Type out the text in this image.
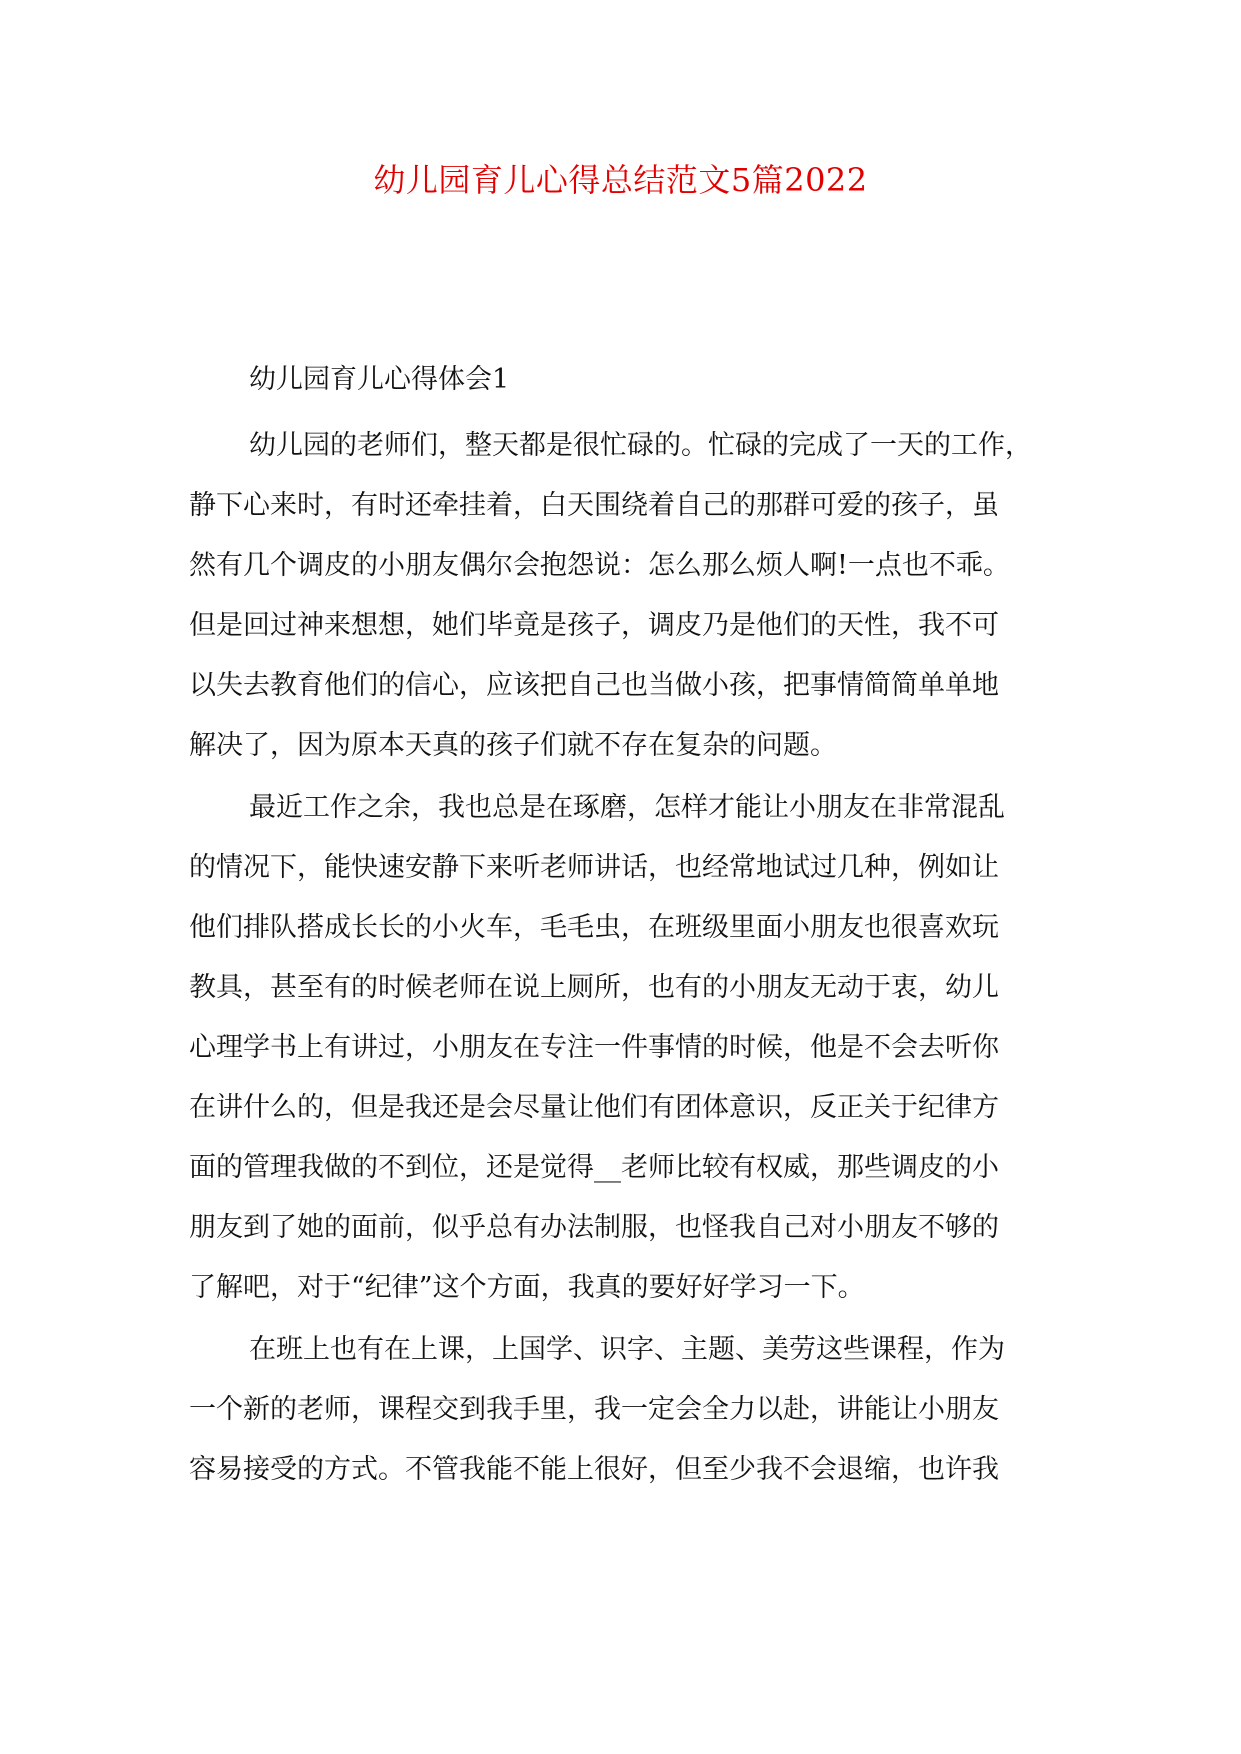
幼儿园育儿心得总结范文5篇2022
幼儿园育儿心得体会1
幼儿园的老师们，整天都是很忙碌的。忙碌的完成了一天的工作，
静下心来时，有时还牵挂着，白天围绕着自己的那群可爱的孩子，虽
然有几个调皮的小朋友偶尔会抱怨说：怎么那么烦人啊!一点也不乖。
但是回过神来想想，她们毕竟是孩子，调皮乃是他们的天性，我不可
以失去教育他们的信心，应该把自己也当做小孩，把事情简简单单地
解决了，因为原本天真的孩子们就不存在复杂的问题。
最近工作之余，我也总是在琢磨，怎样才能让小朋友在非常混乱
的情况下，能快速安静下来听老师讲话，也经常地试过几种，例如让
他们排队搭成长长的小火车，毛毛虫，在班级里面小朋友也很喜欢玩
教具，甚至有的时候老师在说上厕所，也有的小朋友无动于衷，幼儿
心理学书上有讲过，小朋友在专注一件事情的时候，他是不会去听你
在讲什么的，但是我还是会尽量让他们有团体意识，反正关于纪律方
面的管理我做的不到位，还是觉得__老师比较有权威，那些调皮的小
朋友到了她的面前，似乎总有办法制服，也怪我自己对小朋友不够的
了解吧，对于“纪律”这个方面，我真的要好好学习一下。
在班上也有在上课，上国学、识字、主题、美劳这些课程，作为
一个新的老师，课程交到我手里，我一定会全力以赴，讲能让小朋友
容易接受的方式。不管我能不能上很好，但至少我不会退缩，也许我
